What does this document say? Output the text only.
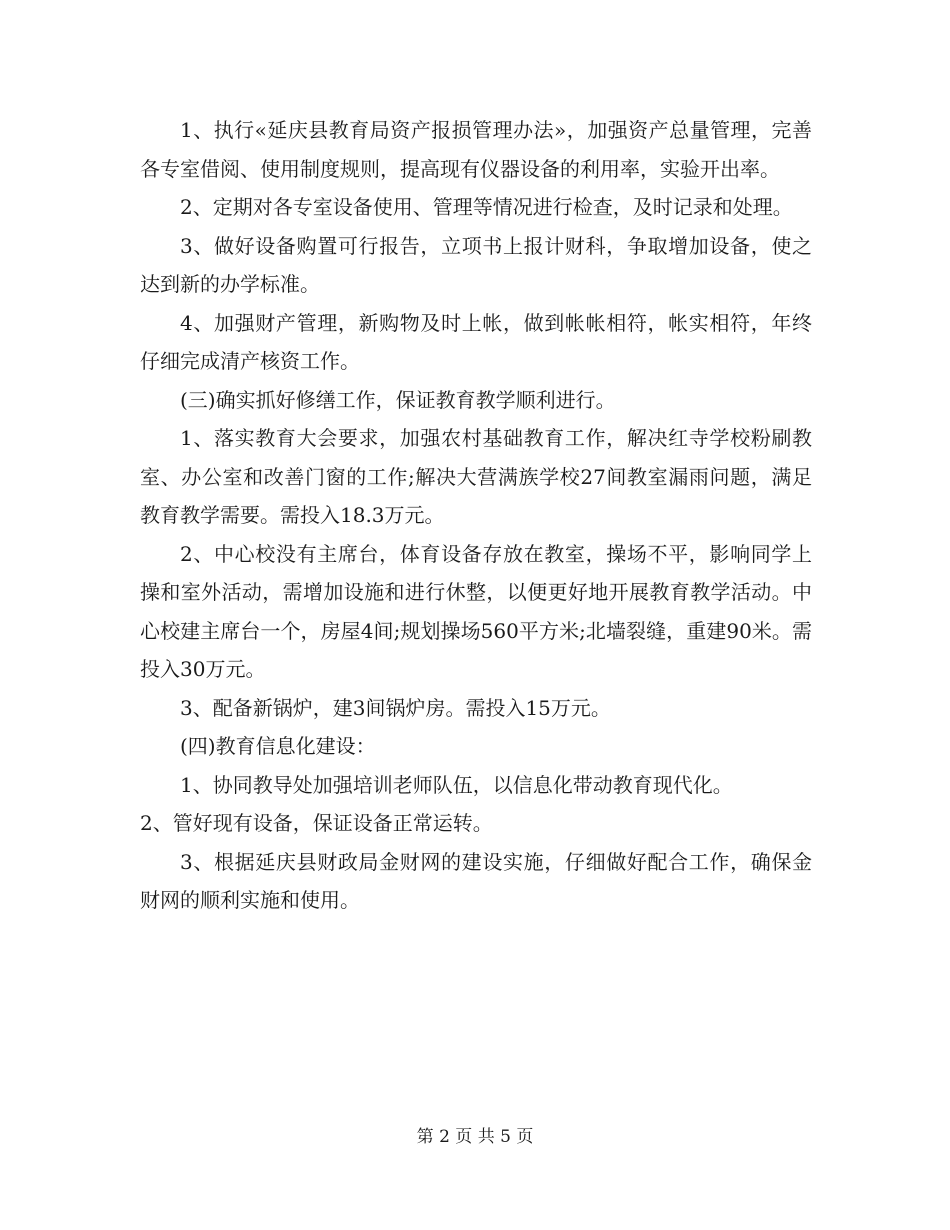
1、执行«延庆县教育局资产报损管理办法»，加强资产总量管理，完善各专室借阅、使用制度规则，提高现有仪器设备的利用率，实验开出率。

2、定期对各专室设备使用、管理等情况进行检查，及时记录和处理。

3、做好设备购置可行报告，立项书上报计财科，争取增加设备，使之达到新的办学标准。

4、加强财产管理，新购物及时上帐，做到帐帐相符，帐实相符，年终仔细完成清产核资工作。

(三)确实抓好修缮工作，保证教育教学顺利进行。

1、落实教育大会要求，加强农村基础教育工作，解决红寺学校粉刷教室、办公室和改善门窗的工作;解决大营满族学校27间教室漏雨问题，满足教育教学需要。需投入18.3万元。

2、中心校没有主席台，体育设备存放在教室，操场不平，影响同学上操和室外活动，需增加设施和进行休整，以便更好地开展教育教学活动。中心校建主席台一个，房屋4间;规划操场560平方米;北墙裂缝，重建90米。需投入30万元。

3、配备新锅炉，建3间锅炉房。需投入15万元。

(四)教育信息化建设：

1、协同教导处加强培训老师队伍，以信息化带动教育现代化。

2、管好现有设备，保证设备正常运转。

3、根据延庆县财政局金财网的建设实施，仔细做好配合工作，确保金财网的顺利实施和使用。

第 2 页 共 5 页
